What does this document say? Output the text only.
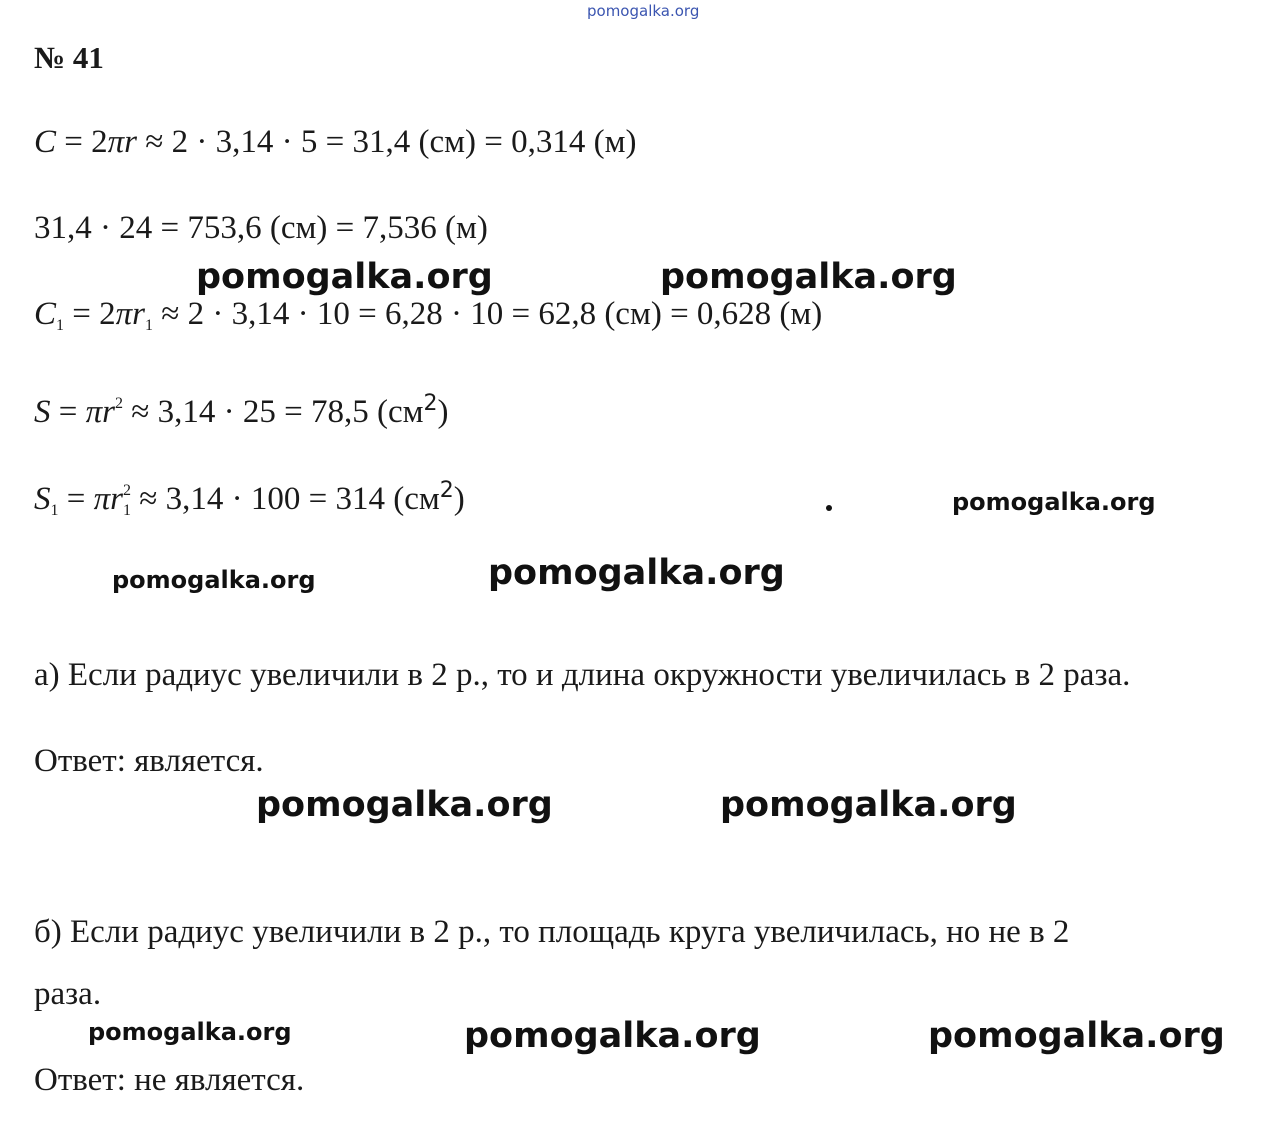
pomogalka.org
№ 41
C = 2πr ≈ 2 · 3,14 · 5 = 31,4 (см) = 0,314 (м)
31,4 · 24 = 753,6 (см) = 7,536 (м)
$C_1 = 2\pi r_1 \approx 2 \cdot 3,14 \cdot 10 = 6,28 \cdot 10 = 62,8$ (см) = 0,628 (м)
$S = \pi r^2 \approx 3,14 \cdot 25 = 78,5$ $(см^2)$
$S_1 = \pi r_1^2 \approx 3,14 \cdot 100 = 314$ $(см^2)$
а) Если радиус увеличили в 2 р., то и длина окружности увеличилась в 2 раза.
Ответ: является.
б) Если радиус увеличили в 2 р., то площадь круга увеличилась, но не в 2
раза.
Ответ: не является.
pomogalka.org	pomogalka.org
pomogalka.org
pomogalka.org	pomogalka.org
pomogalka.org	pomogalka.org
pomogalka.org	pomogalka.org	pomogalka.org
